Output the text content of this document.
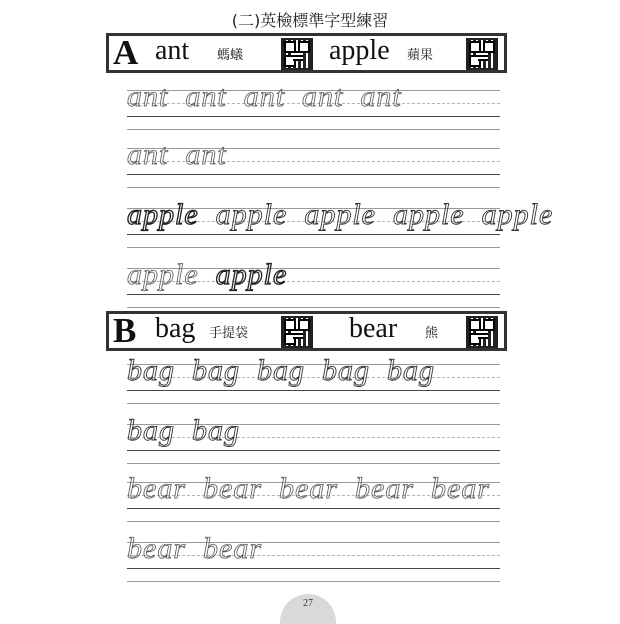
(二)英檢標準字型練習
A ant 螞蟻	apple 蘋果
ant ant ant ant ant
ant ant
apple apple apple apple apple
apple apple
B bag 手提袋	bear 熊
bag bag bag bag bag
bag bag
bear bear bear bear bear
bear bear
27
